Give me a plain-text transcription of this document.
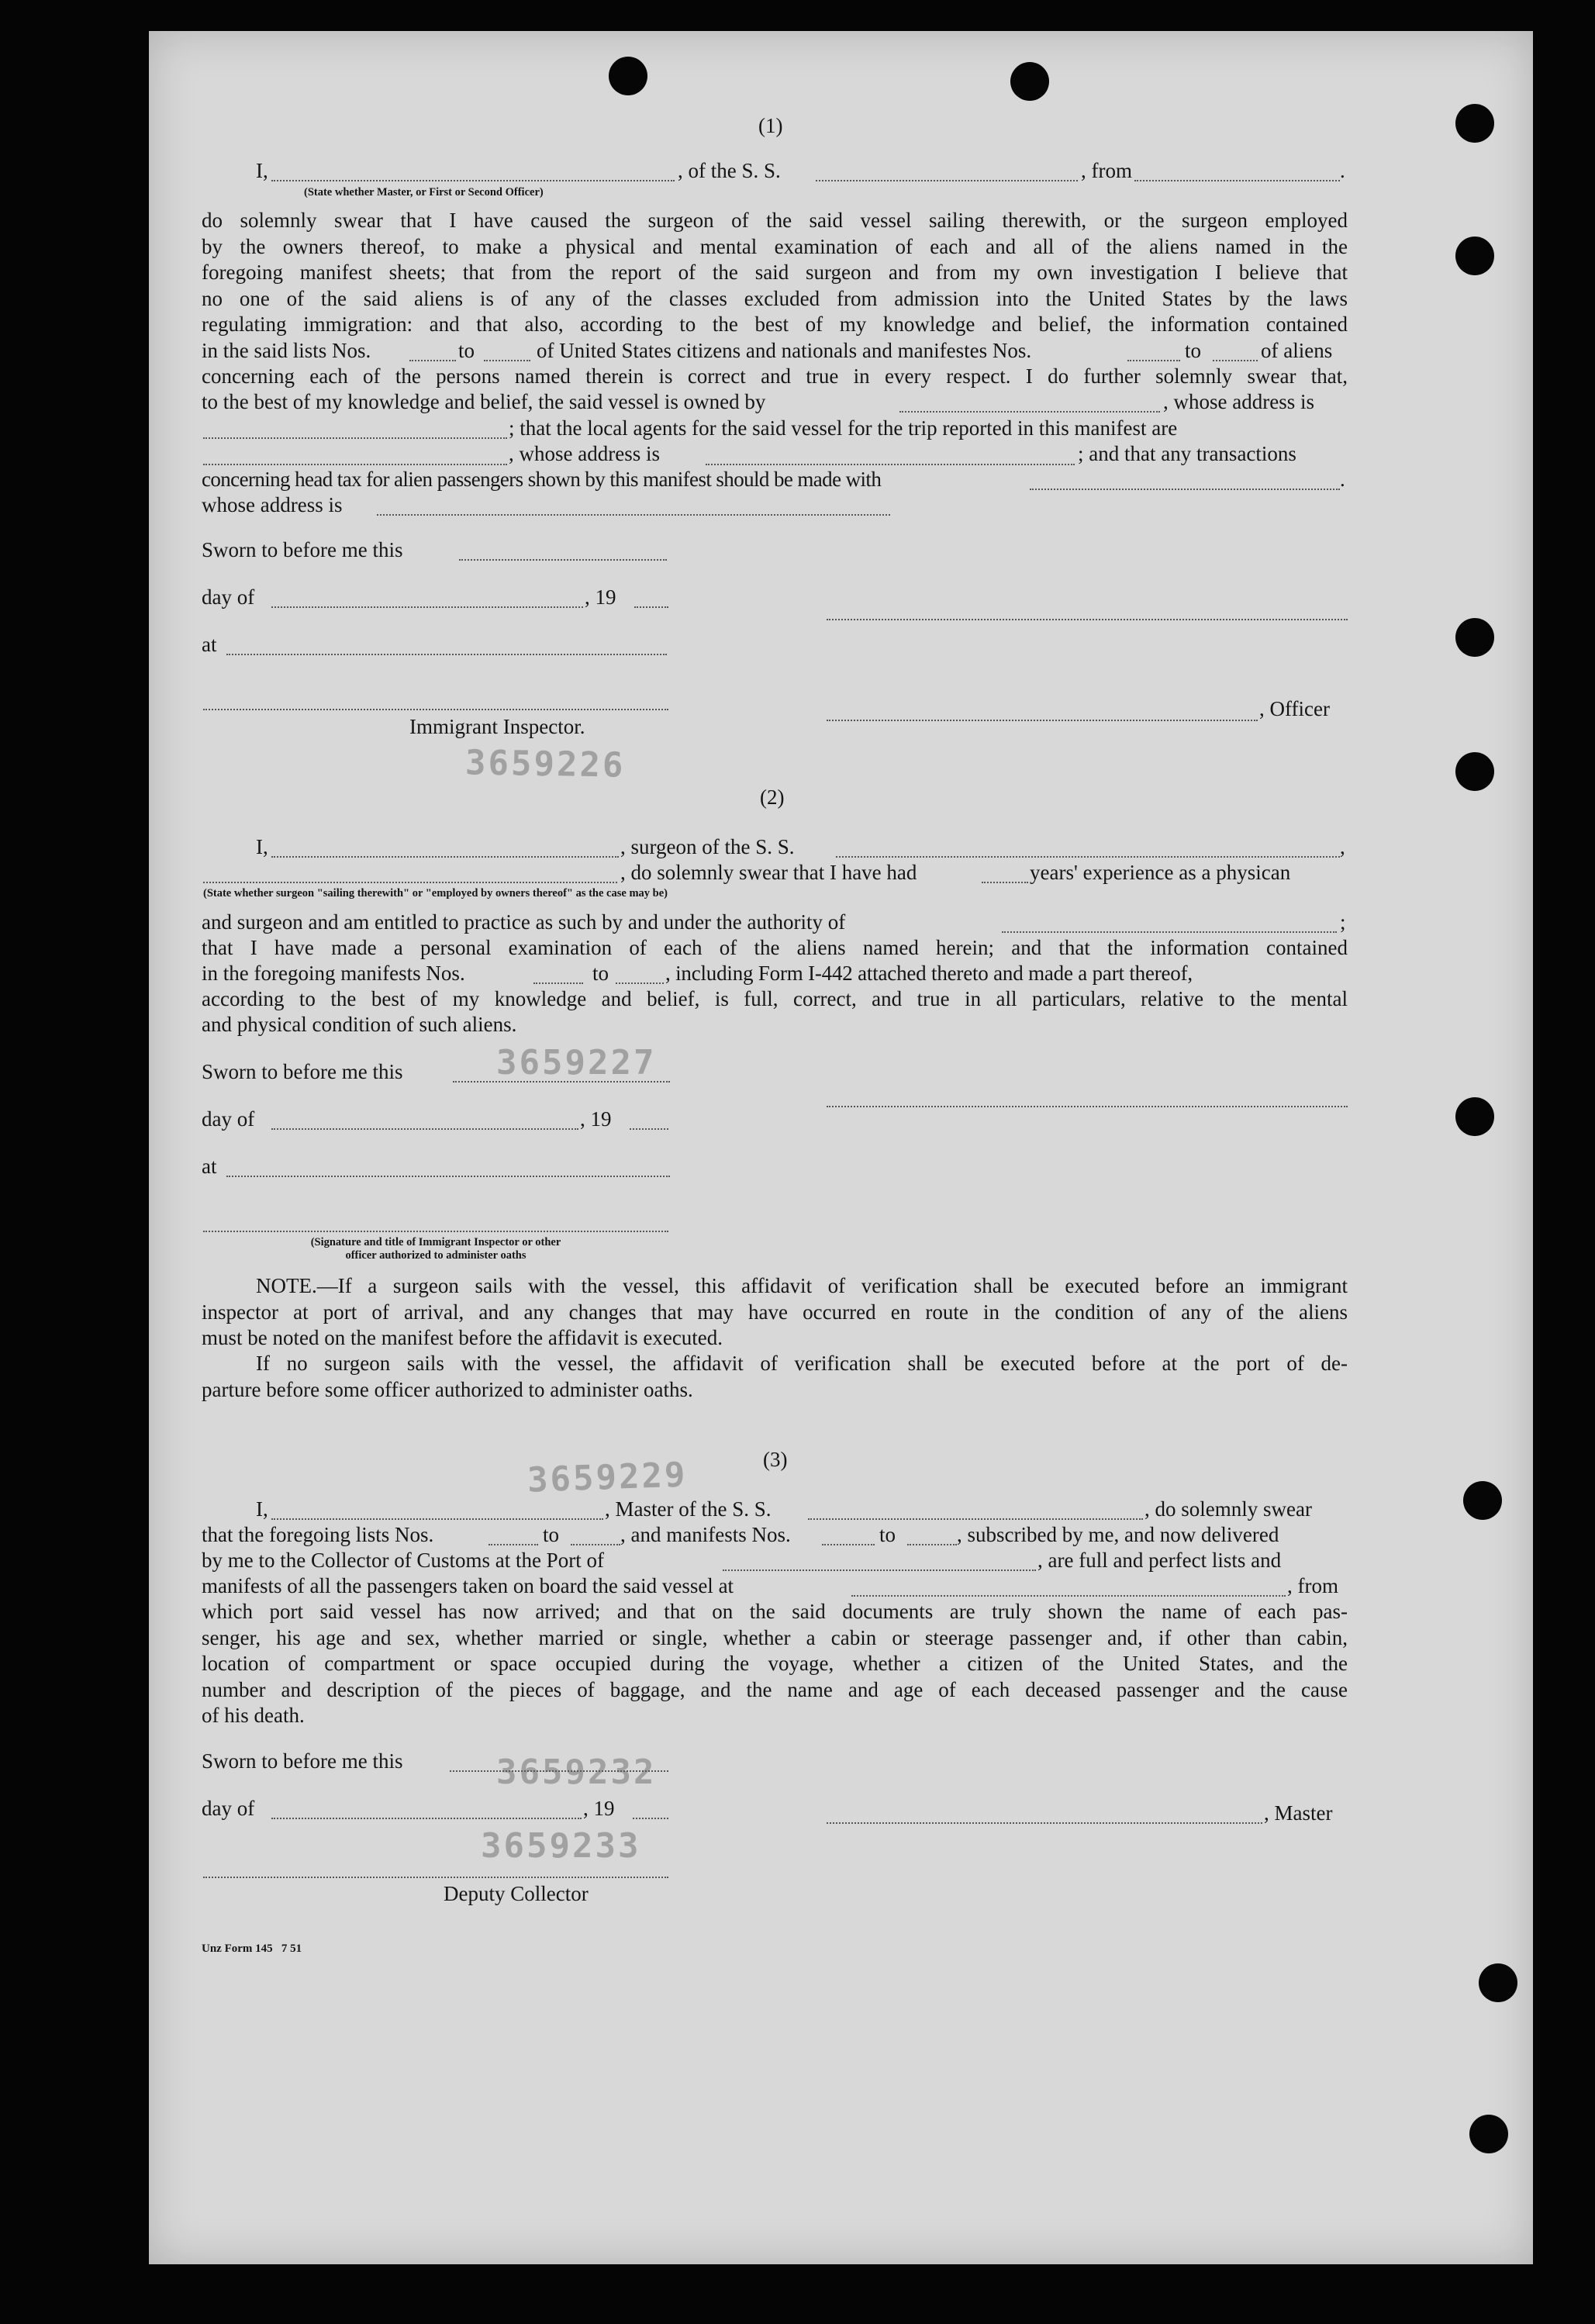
3659226
3659227
3659229
3659232
3659233
(1)
I,	, of the S. S.	, from	.
(State whether Master, or First or Second Officer)
do solemnly swear that I have caused the surgeon of the said vessel sailing therewith, or the surgeon employed
by the owners thereof, to make a physical and mental examination of each and all of the aliens named in the
foregoing manifest sheets; that from the report of the said surgeon and from my own investigation I believe that
no one of the said aliens is of any of the classes excluded from admission into the United States by the laws
regulating immigration: and that also, according to the best of my knowledge and belief, the information contained
in the said lists Nos.	to	of United States citizens and nationals and manifestes Nos.	to	of aliens
concerning each of the persons named therein is correct and true in every respect. I do further solemnly swear that,
to the best of my knowledge and belief, the said vessel is owned by	, whose address is
; that the local agents for the said vessel for the trip reported in this manifest are
, whose address is	; and that any transactions
concerning head tax for alien passengers shown by this manifest should be made with	.
whose address is
Sworn to before me this
day of	, 19
at
, Officer
Immigrant Inspector.
(2)
I,	, surgeon of the S. S.	,
, do solemnly swear that I have had	years' experience as a physican
(State whether surgeon "sailing therewith" or "employed by owners thereof" as the case may be)
and surgeon and am entitled to practice as such by and under the authority of	;
that I have made a personal examination of each of the aliens named herein; and that the information contained
in the foregoing manifests Nos.	to	, including Form I-442 attached thereto and made a part thereof,
according to the best of my knowledge and belief, is full, correct, and true in all particulars, relative to the mental
and physical condition of such aliens.
Sworn to before me this
day of	, 19
at
(Signature and title of Immigrant Inspector or other
officer authorized to administer oaths
NOTE.—If a surgeon sails with the vessel, this affidavit of verification shall be executed before an immigrant
inspector at port of arrival, and any changes that may have occurred en route in the condition of any of the aliens
must be noted on the manifest before the affidavit is executed.
If no surgeon sails with the vessel, the affidavit of verification shall be executed before at the port of de-
parture before some officer authorized to administer oaths.
(3)
I,	, Master of the S. S.	, do solemnly swear
that the foregoing lists Nos.	to	, and manifests Nos.	to	, subscribed by me, and now delivered
by me to the Collector of Customs at the Port of	, are full and perfect lists and
manifests of all the passengers taken on board the said vessel at	, from
which port said vessel has now arrived; and that on the said documents are truly shown the name of each pas-
senger, his age and sex, whether married or single, whether a cabin or steerage passenger and, if other than cabin,
location of compartment or space occupied during the voyage, whether a citizen of the United States, and the
number and description of the pieces of baggage, and the name and age of each deceased passenger and the cause
of his death.
Sworn to before me this
day of	, 19	, Master
Deputy Collector
Unz Form 145   7 51
